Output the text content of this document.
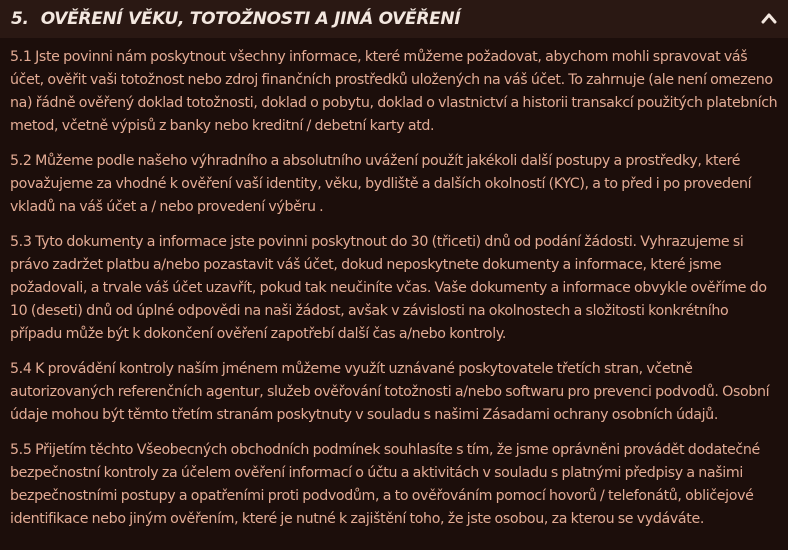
5. OVĚŘENÍ VĚKU, TOTOŽNOSTI A JINÁ OVĚŘENÍ

5.1 Jste povinni nám poskytnout všechny informace, které můžeme požadovat, abychom mohli spravovat váš účet, ověřit vaši totožnost nebo zdroj finančních prostředků uložených na váš účet. To zahrnuje (ale není omezeno na) řádně ověřený doklad totožnosti, doklad o pobytu, doklad o vlastnictví a historii transakcí použitých platebních metod, včetně výpisů z banky nebo kreditní / debetní karty atd.

5.2 Můžeme podle našeho výhradního a absolutního uvážení použít jakékoli další postupy a prostředky, které považujeme za vhodné k ověření vaší identity, věku, bydliště a dalších okolností (KYC), a to před i po provedení vkladů na váš účet a / nebo provedení výběru .

5.3 Tyto dokumenty a informace jste povinni poskytnout do 30 (třiceti) dnů od podání žádosti. Vyhrazujeme si právo zadržet platbu a/nebo pozastavit váš účet, dokud neposkytnete dokumenty a informace, které jsme požadovali, a trvale váš účet uzavřít, pokud tak neučiníte včas. Vaše dokumenty a informace obvykle ověříme do 10 (deseti) dnů od úplné odpovědi na naši žádost, avšak v závislosti na okolnostech a složitosti konkrétního případu může být k dokončení ověření zapotřebí další čas a/nebo kontroly.

5.4 K provádění kontroly naším jménem můžeme využít uznávané poskytovatele třetích stran, včetně autorizovaných referenčních agentur, služeb ověřování totožnosti a/nebo softwaru pro prevenci podvodů. Osobní údaje mohou být těmto třetím stranám poskytnuty v souladu s našimi Zásadami ochrany osobních údajů.

5.5 Přijetím těchto Všeobecných obchodních podmínek souhlasíte s tím, že jsme oprávněni provádět dodatečné bezpečnostní kontroly za účelem ověření informací o účtu a aktivitách v souladu s platnými předpisy a našimi bezpečnostními postupy a opatřeními proti podvodům, a to ověřováním pomocí hovorů / telefonátů, obličejové identifikace nebo jiným ověřením, které je nutné k zajištění toho, že jste osobou, za kterou se vydáváte.
